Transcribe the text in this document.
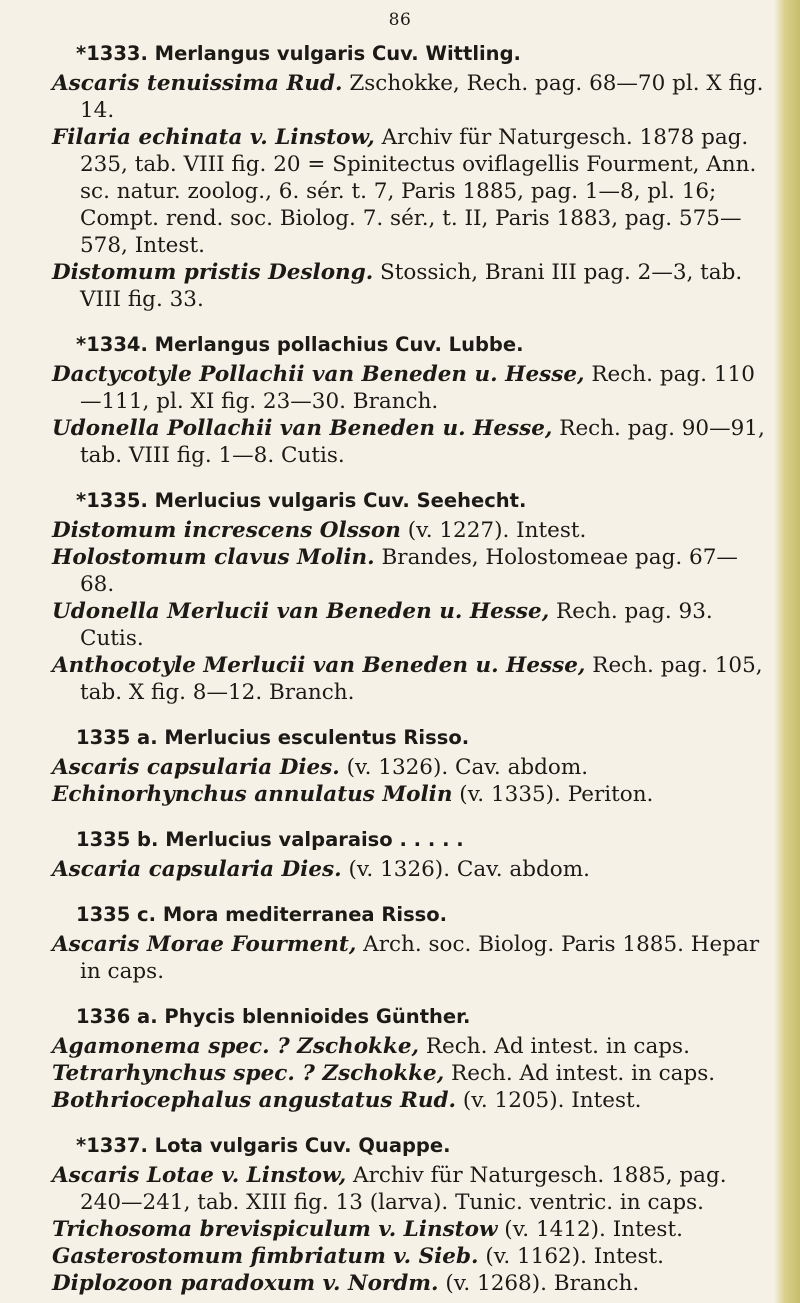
86
*1333. Merlangus vulgaris Cuv. Wittling.
Ascaris tenuissima Rud. Zschokke, Rech. pag. 68—70 pl. X fig. 14.
Filaria echinata v. Linstow, Archiv für Naturgesch. 1878 pag. 235, tab. VIII fig. 20 = Spinitectus oviflagellis Fourment, Ann. sc. natur. zoolog., 6. sér. t. 7, Paris 1885, pag. 1—8, pl. 16; Compt. rend. soc. Biolog. 7. sér., t. II, Paris 1883, pag. 575—578, Intest.
Distomum pristis Deslong. Stossich, Brani III pag. 2—3, tab. VIII fig. 33.
*1334. Merlangus pollachius Cuv. Lubbe.
Dactycotyle Pollachii van Beneden u. Hesse, Rech. pag. 110—111, pl. XI fig. 23—30. Branch.
Udonella Pollachii van Beneden u. Hesse, Rech. pag. 90—91, tab. VIII fig. 1—8. Cutis.
*1335. Merlucius vulgaris Cuv. Seehecht.
Distomum increscens Olsson (v. 1227). Intest.
Holostomum clavus Molin. Brandes, Holostomeae pag. 67—68.
Udonella Merlucii van Beneden u. Hesse, Rech. pag. 93. Cutis.
Anthocotyle Merlucii van Beneden u. Hesse, Rech. pag. 105, tab. X fig. 8—12. Branch.
1335 a. Merlucius esculentus Risso.
Ascaris capsularia Dies. (v. 1326). Cav. abdom.
Echinorhynchus annulatus Molin (v. 1335). Periton.
1335 b. Merlucius valparaiso . . . . .
Ascaria capsularia Dies. (v. 1326). Cav. abdom.
1335 c. Mora mediterranea Risso.
Ascaris Morae Fourment, Arch. soc. Biolog. Paris 1885. Hepar in caps.
1336 a. Phycis blennioides Günther.
Agamonema spec. ? Zschokke, Rech. Ad intest. in caps.
Tetrarhynchus spec. ? Zschokke, Rech. Ad intest. in caps.
Bothriocephalus angustatus Rud. (v. 1205). Intest.
*1337. Lota vulgaris Cuv. Quappe.
Ascaris Lotae v. Linstow, Archiv für Naturgesch. 1885, pag. 240—241, tab. XIII fig. 13 (larva). Tunic. ventric. in caps.
Trichosoma brevispiculum v. Linstow (v. 1412). Intest.
Gasterostomum fimbriatum v. Sieb. (v. 1162). Intest.
Diplozoon paradoxum v. Nordm. (v. 1268). Branch.
